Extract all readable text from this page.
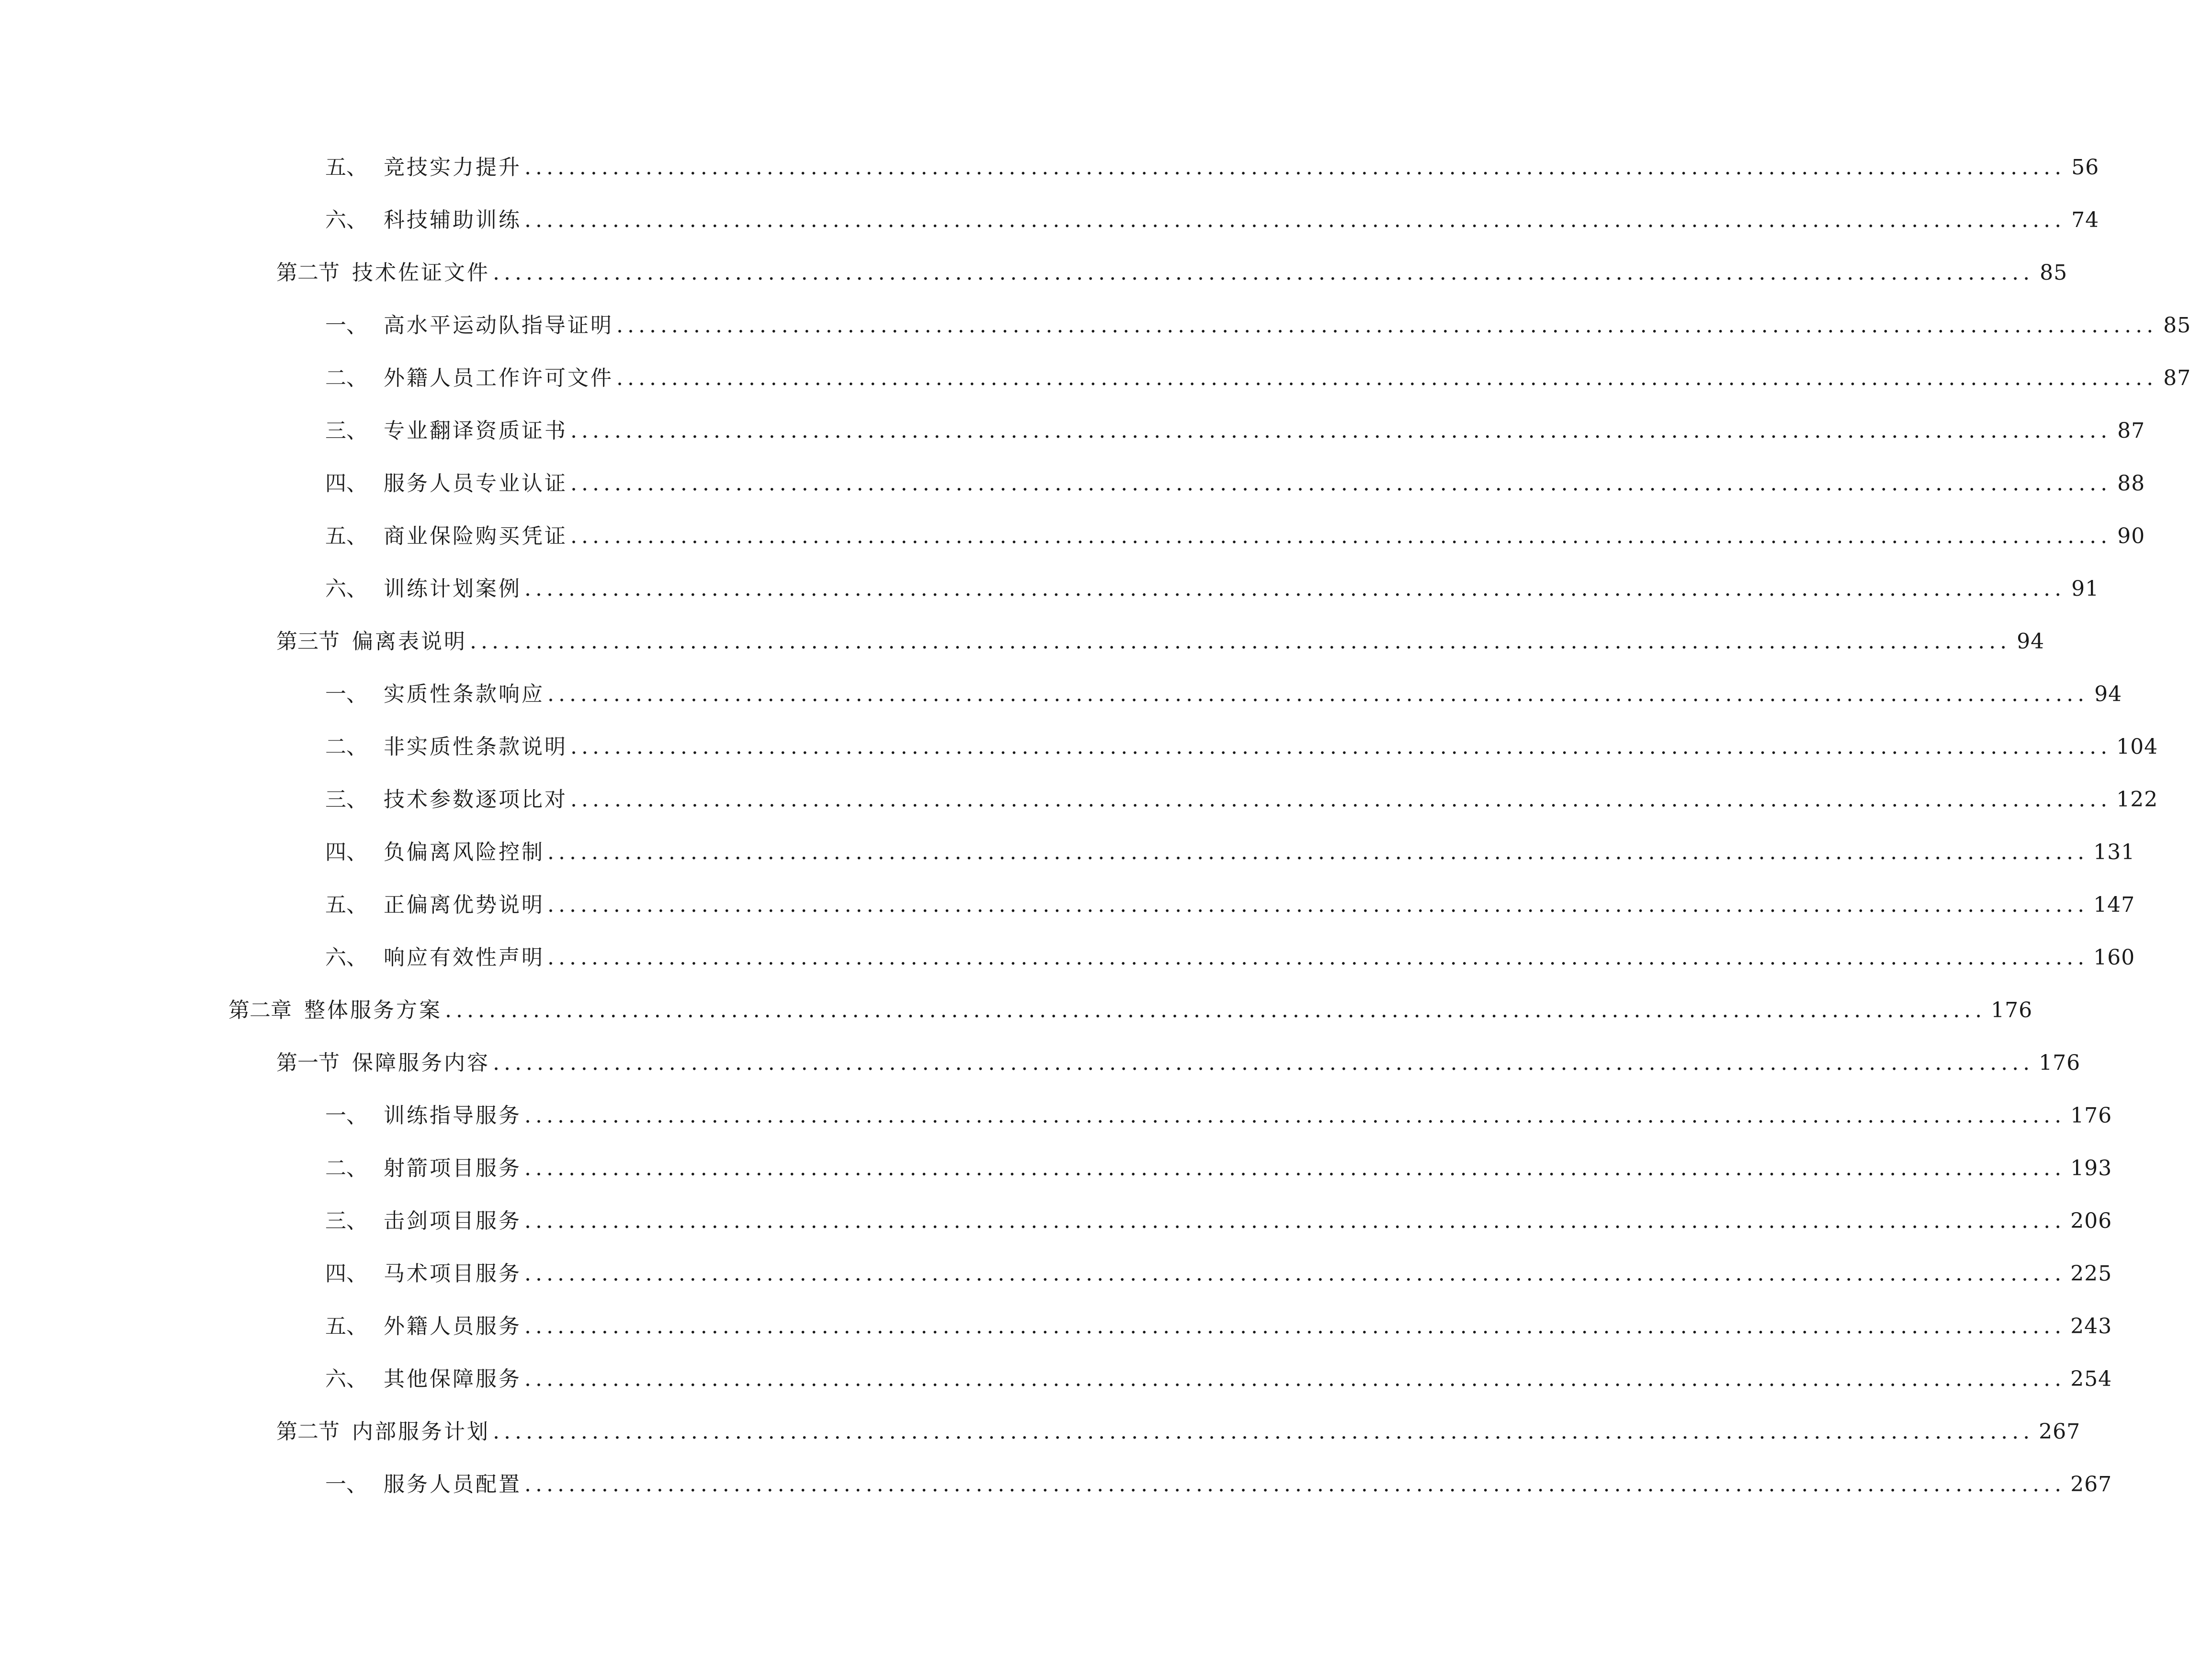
五、 竞技实力提升 ............................................................................................................................................ 56
六、 科技辅助训练 ............................................................................................................................................ 74
第二节 技术佐证文件 ............................................................................................................................................ 85
一、 高水平运动队指导证明 ............................................................................................................................................ 85
二、 外籍人员工作许可文件 ............................................................................................................................................ 87
三、 专业翻译资质证书 ............................................................................................................................................ 87
四、 服务人员专业认证 ............................................................................................................................................ 88
五、 商业保险购买凭证 ............................................................................................................................................ 90
六、 训练计划案例 ............................................................................................................................................ 91
第三节 偏离表说明 ............................................................................................................................................ 94
一、 实质性条款响应 ............................................................................................................................................ 94
二、 非实质性条款说明 ............................................................................................................................................ 104
三、 技术参数逐项比对 ............................................................................................................................................ 122
四、 负偏离风险控制 ............................................................................................................................................ 131
五、 正偏离优势说明 ............................................................................................................................................ 147
六、 响应有效性声明 ............................................................................................................................................ 160
第二章 整体服务方案 ............................................................................................................................................ 176
第一节 保障服务内容 ............................................................................................................................................ 176
一、 训练指导服务 ............................................................................................................................................ 176
二、 射箭项目服务 ............................................................................................................................................ 193
三、 击剑项目服务 ............................................................................................................................................ 206
四、 马术项目服务 ............................................................................................................................................ 225
五、 外籍人员服务 ............................................................................................................................................ 243
六、 其他保障服务 ............................................................................................................................................ 254
第二节 内部服务计划 ............................................................................................................................................ 267
一、 服务人员配置 ............................................................................................................................................ 267
